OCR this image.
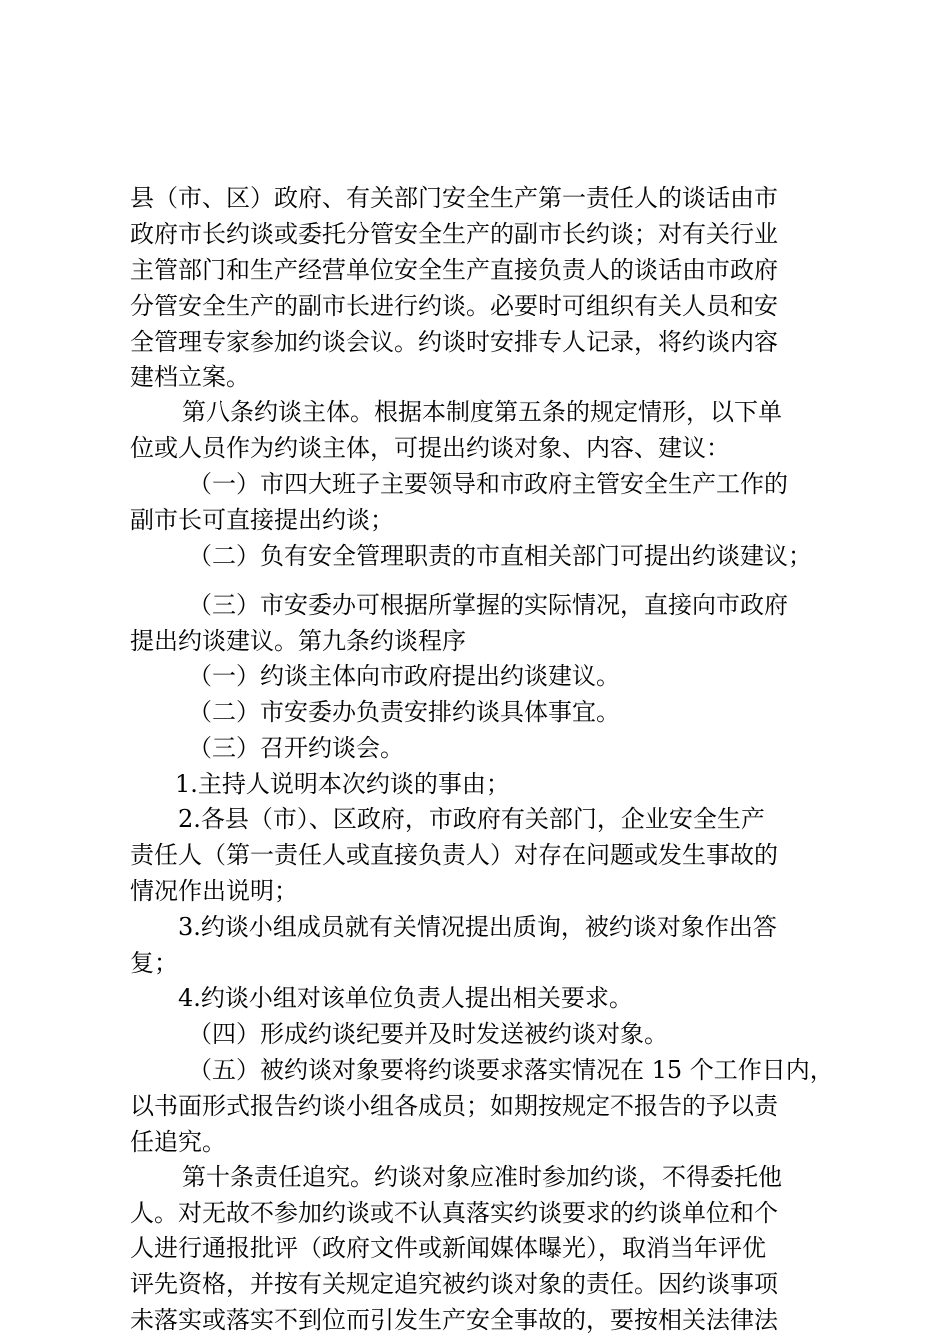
县（市、区）政府、有关部门安全生产第一责任人的谈话由市
政府市长约谈或委托分管安全生产的副市长约谈；对有关行业
主管部门和生产经营单位安全生产直接负责人的谈话由市政府
分管安全生产的副市长进行约谈。必要时可组织有关人员和安
全管理专家参加约谈会议。约谈时安排专人记录，将约谈内容
建档立案。
第八条约谈主体。根据本制度第五条的规定情形，以下单
位或人员作为约谈主体，可提出约谈对象、内容、建议：
（一）市四大班子主要领导和市政府主管安全生产工作的
副市长可直接提出约谈；
（二）负有安全管理职责的市直相关部门可提出约谈建议；
（三）市安委办可根据所掌握的实际情况，直接向市政府
提出约谈建议。第九条约谈程序
（一）约谈主体向市政府提出约谈建议。
（二）市安委办负责安排约谈具体事宜。
（三）召开约谈会。
1.主持人说明本次约谈的事由；
2.各县（市）、区政府，市政府有关部门，企业安全生产
责任人（第一责任人或直接负责人）对存在问题或发生事故的
情况作出说明；
3.约谈小组成员就有关情况提出质询，被约谈对象作出答
复；
4.约谈小组对该单位负责人提出相关要求。
（四）形成约谈纪要并及时发送被约谈对象。
（五）被约谈对象要将约谈要求落实情况在 15 个工作日内，
以书面形式报告约谈小组各成员；如期按规定不报告的予以责
任追究。
第十条责任追究。约谈对象应准时参加约谈，不得委托他
人。对无故不参加约谈或不认真落实约谈要求的约谈单位和个
人进行通报批评（政府文件或新闻媒体曝光），取消当年评优
评先资格，并按有关规定追究被约谈对象的责任。因约谈事项
未落实或落实不到位而引发生产安全事故的，要按相关法律法
